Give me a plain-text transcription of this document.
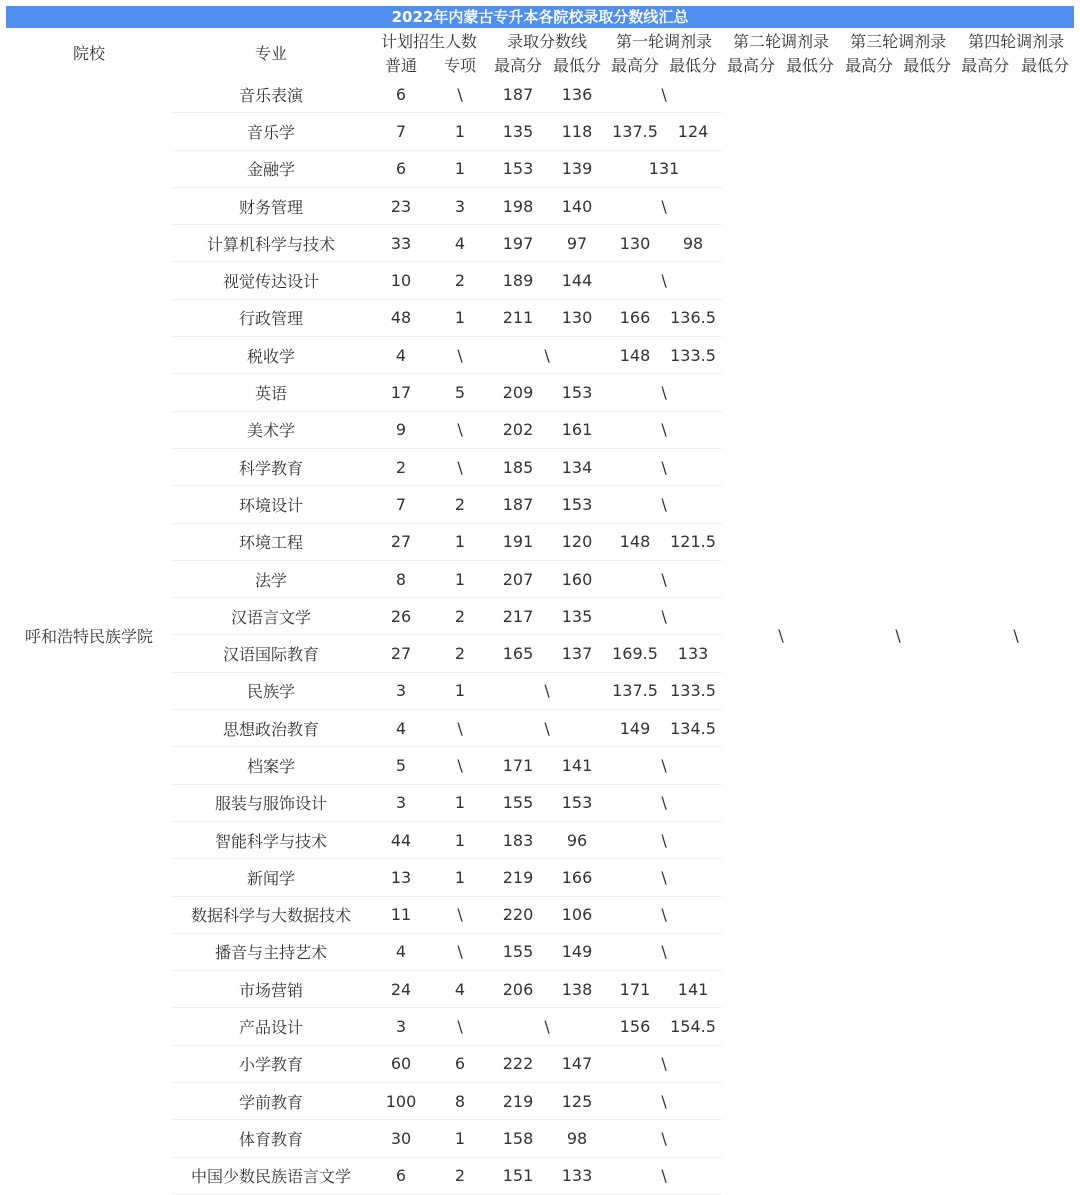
2022年内蒙古专升本各院校录取分数线汇总
院校	专业	计划招生人数		录取分数线		第一轮调剂录		第二轮调剂录		第三轮调剂录		第四轮调剂录	
		普通	专项	最高分	最低分	最高分	最低分	最高分	最低分	最高分	最低分	最高分	最低分
呼和浩特民族学院	音乐表演	6	\	187	136	\		\		\		\	
	音乐学	7	1	135	118	137.5	124						
	金融学	6	1	153	139	131							
	财务管理	23	3	198	140	\							
	计算机科学与技术	33	4	197	97	130	98						
	视觉传达设计	10	2	189	144	\							
	行政管理	48	1	211	130	166	136.5						
	税收学	4	\	\		148	133.5						
	英语	17	5	209	153	\							
	美术学	9	\	202	161	\							
	科学教育	2	\	185	134	\							
	环境设计	7	2	187	153	\							
	环境工程	27	1	191	120	148	121.5						
	法学	8	1	207	160	\							
	汉语言文学	26	2	217	135	\							
	汉语国际教育	27	2	165	137	169.5	133						
	民族学	3	1	\		137.5	133.5						
	思想政治教育	4	\	\		149	134.5						
	档案学	5	\	171	141	\							
	服装与服饰设计	3	1	155	153	\							
	智能科学与技术	44	1	183	96	\							
	新闻学	13	1	219	166	\							
	数据科学与大数据技术	11	\	220	106	\							
	播音与主持艺术	4	\	155	149	\							
	市场营销	24	4	206	138	171	141						
	产品设计	3	\	\		156	154.5						
	小学教育	60	6	222	147	\							
	学前教育	100	8	219	125	\							
	体育教育	30	1	158	98	\							
	中国少数民族语言文学	6	2	151	133	\							
